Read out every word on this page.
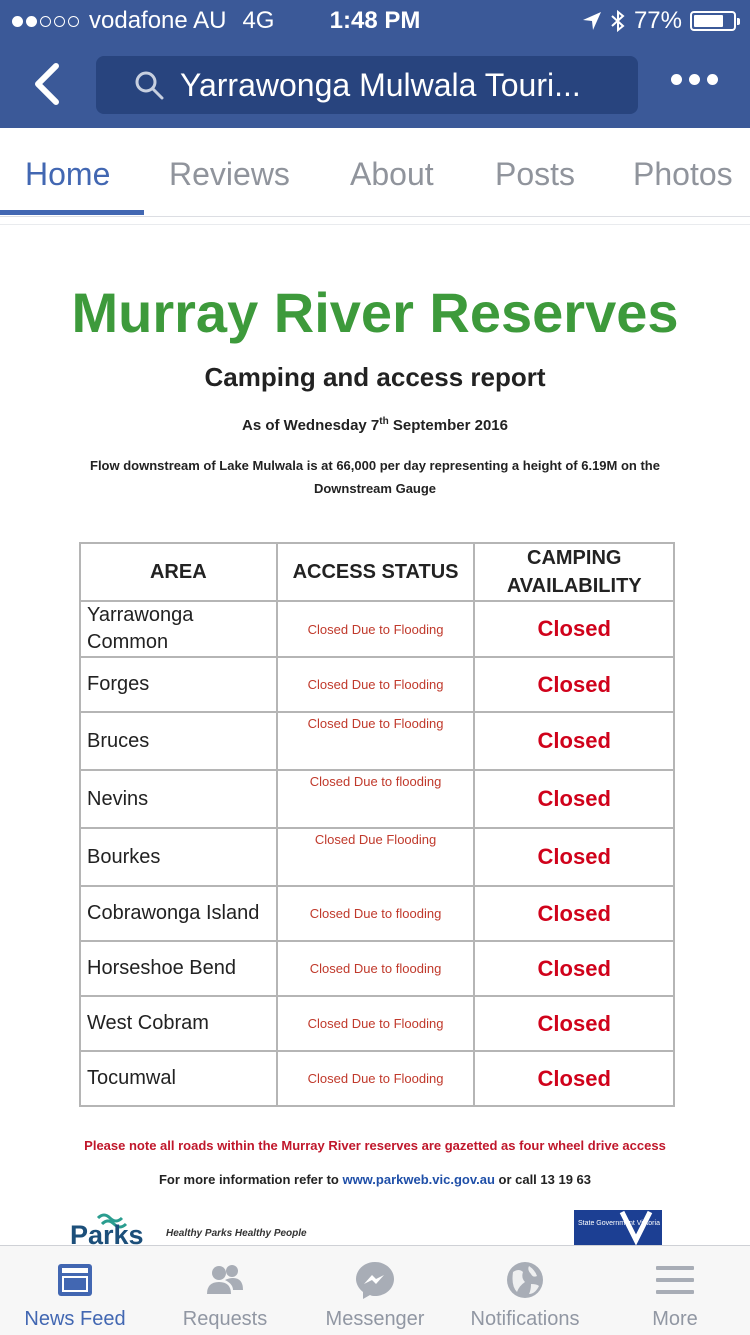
vodafone AU 4G	1:48 PM	77%
Yarrawonga Mulwala Touri...
Home Reviews About Posts Photos
Murray River Reserves
Camping and access report
As of Wednesday 7th September 2016
Flow downstream of Lake Mulwala is at 66,000 per day representing a height of 6.19M on the Downstream Gauge
AREA	ACCESS STATUS	CAMPING AVAILABILITY
Yarrawonga Common	Closed Due to Flooding	Closed
Forges	Closed Due to Flooding	Closed
Bruces	Closed Due to Flooding	Closed
Nevins	Closed Due to flooding	Closed
Bourkes	Closed Due Flooding	Closed
Cobrawonga Island	Closed Due to flooding	Closed
Horseshoe Bend	Closed Due to flooding	Closed
West Cobram	Closed Due to Flooding	Closed
Tocumwal	Closed Due to Flooding	Closed
Please note all roads within the Murray River reserves are gazetted as four wheel drive access
For more information refer to www.parkweb.vic.gov.au or call 13 19 63
Parks Healthy Parks Healthy People
State Government Victoria
News Feed	Requests	Messenger	Notifications	More
